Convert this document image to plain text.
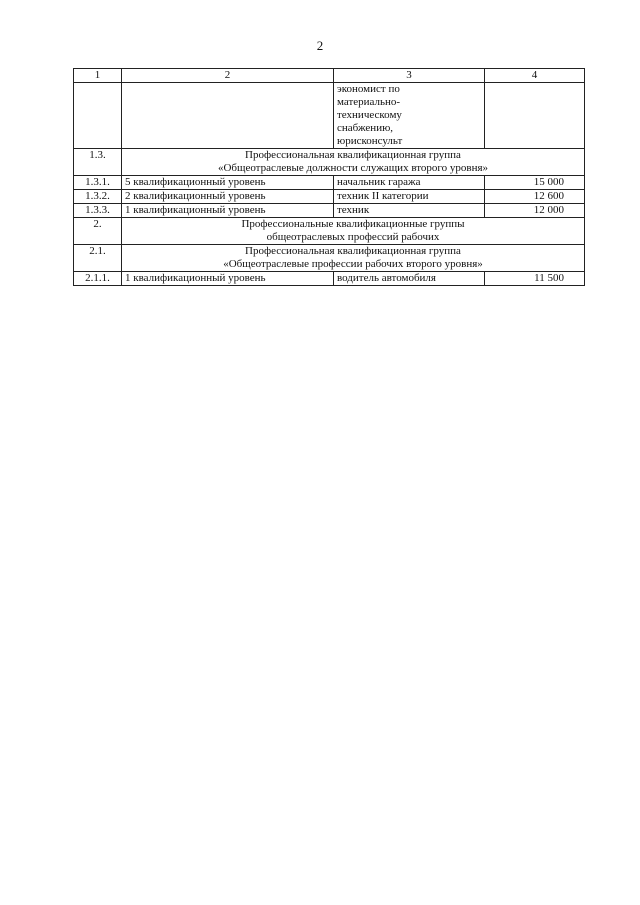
2
1	2	3	4
		экономист по
материально-
техническому
снабжению,
юрисконсульт	
1.3.	Профессиональная квалификационная группа
«Общеотраслевые должности служащих второго уровня»		
1.3.1.	5 квалификационный уровень	начальник гаража	15 000
1.3.2.	2 квалификационный уровень	техник II категории	12 600
1.3.3.	1 квалификационный уровень	техник	12 000
2.	Профессиональные квалификационные группы
общеотраслевых профессий рабочих		
2.1.	Профессиональная квалификационная группа
«Общеотраслевые профессии рабочих второго уровня»		
2.1.1.	1 квалификационный уровень	водитель автомобиля	11 500
